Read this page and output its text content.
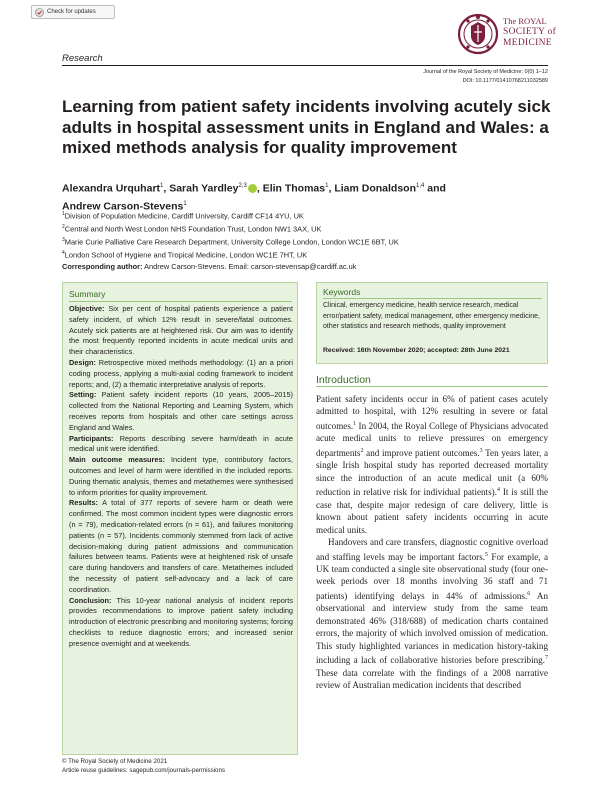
Check for updates
The ROYAL
SOCIETY of
MEDICINE
Research
Journal of the Royal Society of Medicine; 0(0) 1–12
DOI: 10.1177/01410768211032589
Learning from patient safety incidents involving acutely sick adults in hospital assessment units in England and Wales: a mixed methods analysis for quality improvement
Alexandra Urquhart$^1$, Sarah Yardley$^{2,3}$ , Elin Thomas$^1$, Liam Donaldson$^{1,4}$ and
Andrew Carson-Stevens$^1$
$^1$Division of Population Medicine, Cardiff University, Cardiff CF14 4YU, UK
$^2$Central and North West London NHS Foundation Trust, London NW1 3AX, UK
$^3$Marie Curie Palliative Care Research Department, University College London, London WC1E 6BT, UK
$^4$London School of Hygiene and Tropical Medicine, London WC1E 7HT, UK
Corresponding author: Andrew Carson-Stevens. Email: carson-stevensap@cardiff.ac.uk
Summary

Objective: Six per cent of hospital patients experience a patient safety incident, of which 12% result in severe/fatal outcomes. Acutely sick patients are at heightened risk. Our aim was to identify the most frequently reported incidents in acute medical units and their characteristics.

Design: Retrospective mixed methods methodology: (1) an a priori coding process, applying a multi-axial coding framework to incident reports; and, (2) a thematic interpretative analysis of reports.

Setting: Patient safety incident reports (10 years, 2005–2015) collected from the National Reporting and Learning System, which receives reports from hospitals and other care settings across England and Wales.

Participants: Reports describing severe harm/death in acute medical unit were identified.

Main outcome measures: Incident type, contributory factors, outcomes and level of harm were identified in the included reports. During thematic analysis, themes and metathemes were synthesised to inform priorities for quality improvement.

Results: A total of 377 reports of severe harm or death were confirmed. The most common incident types were diagnostic errors (n = 79), medication-related errors (n = 61), and failures monitoring patients (n = 57). Incidents commonly stemmed from lack of active decision-making during patient admissions and communication failures between teams. Patients were at heightened risk of unsafe care during handovers and transfers of care. Metathemes included the necessity of patient self-advocacy and a lack of care coordination.

Conclusion: This 10-year national analysis of incident reports provides recommendations to improve patient safety including introduction of electronic prescribing and monitoring systems; forcing checklists to reduce diagnostic errors; and increased senior presence overnight and at weekends.

Keywords
Clinical, emergency medicine, health service research, medical error/patient safety, medical management, other emergency medicine, other statistics and research methods, quality improvement
Received: 16th November 2020; accepted: 28th June 2021
Introduction

Patient safety incidents occur in 6% of patient cases acutely admitted to hospital, with 12% resulting in severe or fatal outcomes.$^1$ In 2004, the Royal College of Physicians advocated acute medical units to relieve pressures on emergency departments$^2$ and improve patient outcomes.$^3$ Ten years later, a single Irish hospital study has reported decreased mortality since the introduction of an acute medical unit (a 60% reduction in relative risk for individual patients).$^4$ It is still the case that, despite major redesign of care delivery, little is known about patient safety incidents occurring in acute medical units.

Handovers and care transfers, diagnostic cognitive overload and staffing levels may be important factors.$^5$ For example, a UK team conducted a single site observational study (four one-week periods over 18 months involving 36 staff and 71 patients) identifying delays in 44% of admissions.$^6$ An observational and interview study from the same team demonstrated 46% (318/688) of medication charts contained errors, the majority of which involved omission of medication. This study highlighted variances in medication history-taking including a lack of collaborative histories before prescribing.$^7$ These data correlate with the findings of a 2008 narrative review of Australian medication incidents that described

© The Royal Society of Medicine 2021
Article reuse guidelines: sagepub.com/journals-permissions
